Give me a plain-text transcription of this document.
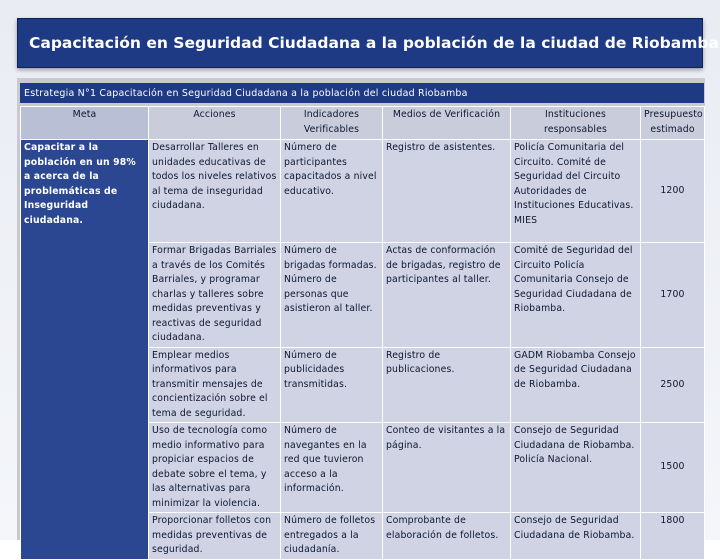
Capacitación en Seguridad Ciudadana a la población de la ciudad de Riobamba
Estrategia N°1 Capacitación en Seguridad Ciudadana a la población del ciudad Riobamba
Meta	Acciones	Indicadores Verificables	Medios de Verificación	Instituciones responsables	Presupuesto estimado
Capacitar a la población en un 98% a acerca de la problemáticas de Inseguridad ciudadana.	Desarrollar Talleres en unidades educativas de todos los niveles relativos al tema de inseguridad ciudadana.	Número de participantes capacitados a nivel educativo.	Registro de asistentes.	Policía Comunitaria del Circuito. Comité de Seguridad del Circuito Autoridades de Instituciones Educativas. MIES	1200
	Formar Brigadas Barriales a través de los Comités Barriales, y programar charlas y talleres sobre medidas preventivas y reactivas de seguridad ciudadana.	Número de brigadas formadas. Número de personas que asistieron al taller.	Actas de conformación de brigadas, registro de participantes al taller.	Comité de Seguridad del Circuito Policía Comunitaria Consejo de Seguridad Ciudadana de Riobamba.	1700
	Emplear medios informativos para transmitir mensajes de concientización sobre el tema de seguridad.	Número de publicidades transmitidas.	Registro de publicaciones.	GADM Riobamba Consejo de Seguridad Ciudadana de Riobamba.	2500
	Uso de tecnología como medio informativo para propiciar espacios de debate sobre el tema, y las alternativas para minimizar la violencia.	Número de navegantes en la red que tuvieron acceso a la información.	Conteo de visitantes a la página.	Consejo de Seguridad Ciudadana de Riobamba. Policía Nacional.	1500
	Proporcionar folletos con medidas preventivas de seguridad.	Número de folletos entregados a la ciudadanía.	Comprobante de elaboración de folletos.	Consejo de Seguridad Ciudadana de Riobamba.	1800
